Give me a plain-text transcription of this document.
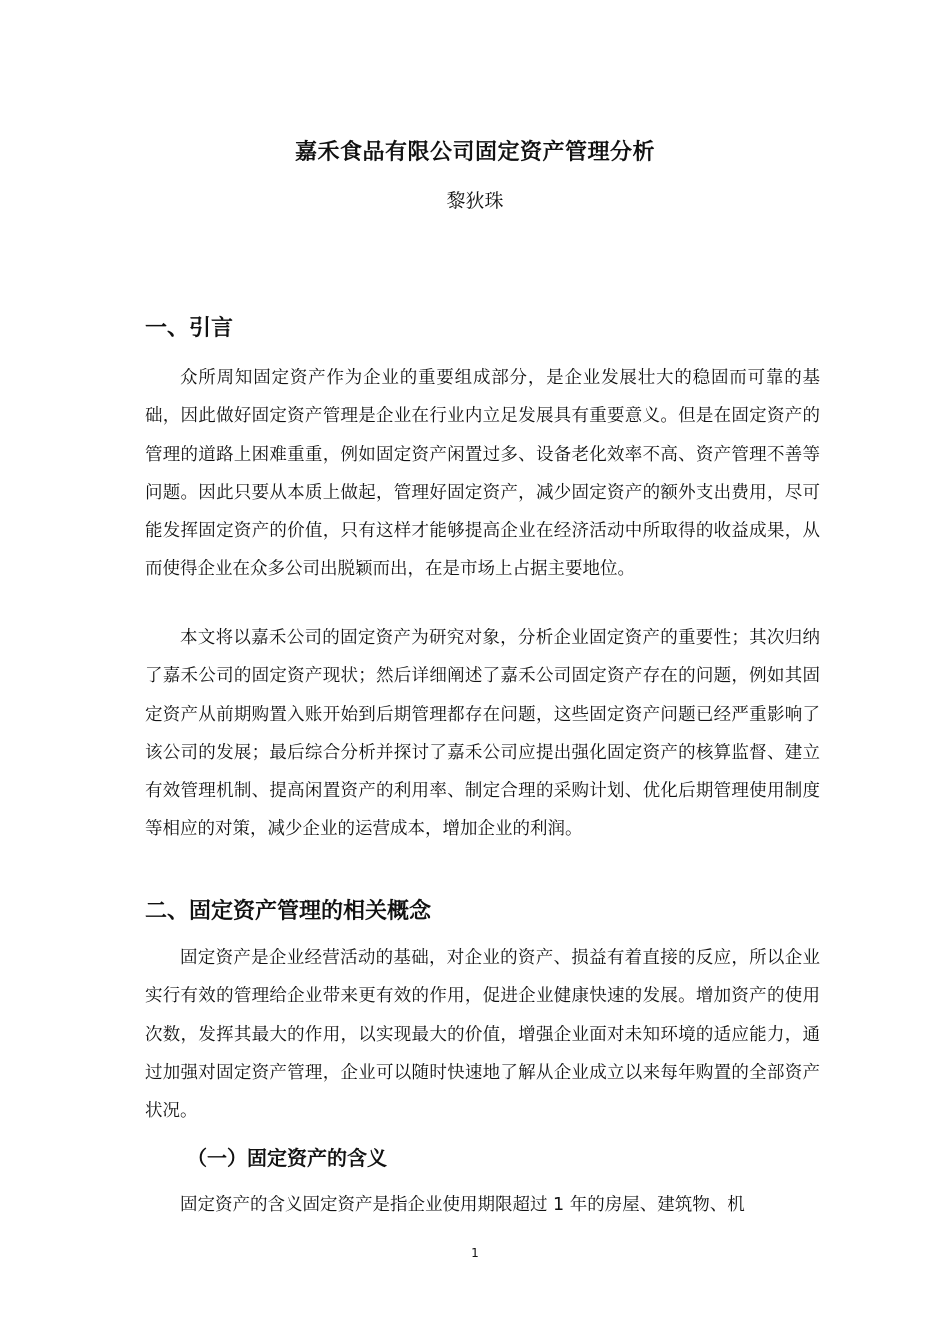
嘉禾食品有限公司固定资产管理分析
黎狄珠
一、引言

众所周知固定资产作为企业的重要组成部分，是企业发展壮大的稳固而可靠的基础，因此做好固定资产管理是企业在行业内立足发展具有重要意义。但是在固定资产的管理的道路上困难重重，例如固定资产闲置过多、设备老化效率不高、资产管理不善等问题。因此只要从本质上做起，管理好固定资产，减少固定资产的额外支出费用，尽可能发挥固定资产的价值，只有这样才能够提高企业在经济活动中所取得的收益成果，从而使得企业在众多公司出脱颖而出，在是市场上占据主要地位。

本文将以嘉禾公司的固定资产为研究对象，分析企业固定资产的重要性；其次归纳了嘉禾公司的固定资产现状；然后详细阐述了嘉禾公司固定资产存在的问题，例如其固定资产从前期购置入账开始到后期管理都存在问题，这些固定资产问题已经严重影响了该公司的发展；最后综合分析并探讨了嘉禾公司应提出强化固定资产的核算监督、建立有效管理机制、提高闲置资产的利用率、制定合理的采购计划、优化后期管理使用制度等相应的对策，减少企业的运营成本，增加企业的利润。

二、固定资产管理的相关概念

固定资产是企业经营活动的基础，对企业的资产、损益有着直接的反应，所以企业实行有效的管理给企业带来更有效的作用，促进企业健康快速的发展。增加资产的使用次数，发挥其最大的作用，以实现最大的价值，增强企业面对未知环境的适应能力，通过加强对固定资产管理，企业可以随时快速地了解从企业成立以来每年购置的全部资产状况。

（一）固定资产的含义

固定资产的含义固定资产是指企业使用期限超过 1 年的房屋、建筑物、机

1
